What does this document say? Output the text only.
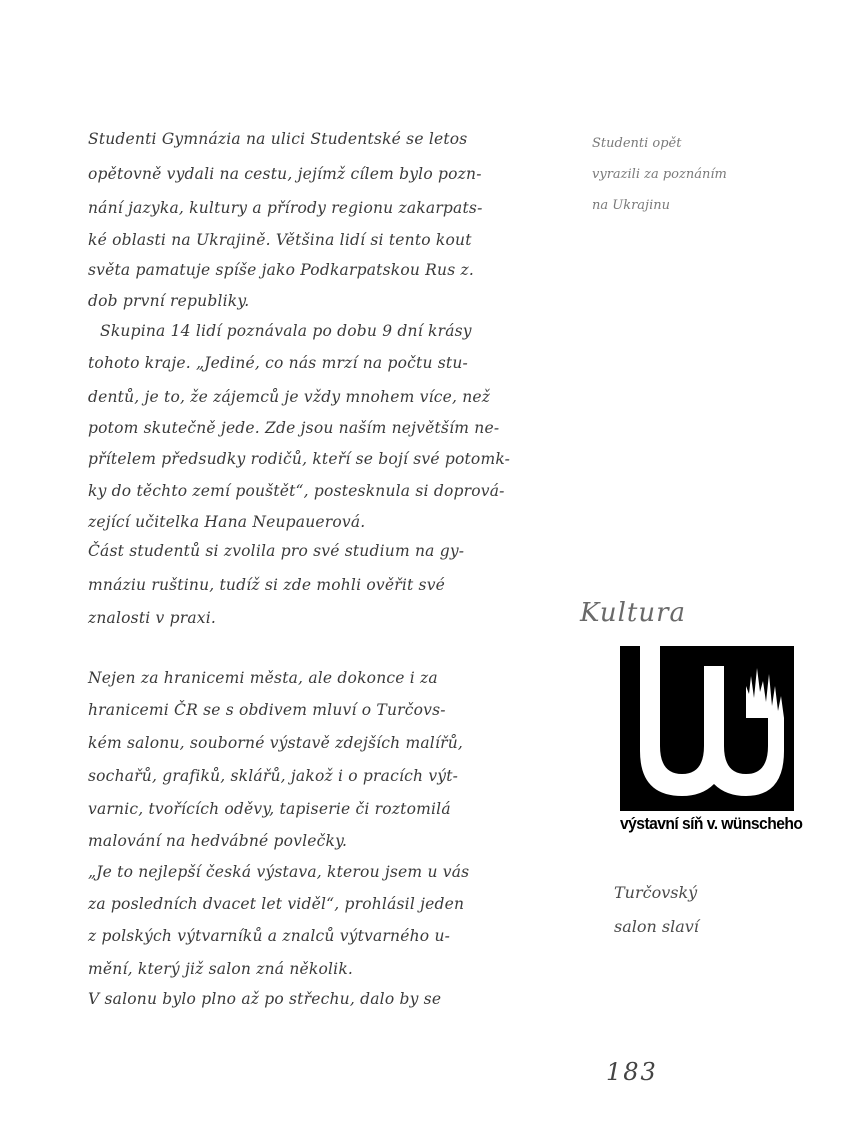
Studenti Gymnázia na ulici Studentské se letos
opětovně vydali na cestu, jejímž cílem bylo pozn-
nání jazyka, kultury a přírody regionu zakarpats-
ké oblasti na Ukrajině. Většina lidí si tento kout
světa pamatuje spíše jako Podkarpatskou Rus z.
dob první republiky.
Skupina 14 lidí poznávala po dobu 9 dní krásy
tohoto kraje. „Jediné, co nás mrzí na počtu stu-
dentů, je to, že zájemců je vždy mnohem více, než
potom skutečně jede. Zde jsou naším největším ne-
přítelem předsudky rodičů, kteří se bojí své potomk-
ky do těchto zemí pouštět“, postesknula si doprová-
zející učitelka Hana Neupauerová.
Část studentů si zvolila pro své studium na gy-
mnáziu ruštinu, tudíž si zde mohli ověřit své
znalosti v praxi.
Nejen za hranicemi města, ale dokonce i za
hranicemi ČR se s obdivem mluví o Turčovs-
kém salonu, souborné výstavě zdejších malířů,
sochařů, grafiků, sklářů, jakož i o pracích výt-
varnic, tvořících oděvy, tapiserie či roztomilá
malování na hedvábné povlečky.
„Je to nejlepší česká výstava, kterou jsem u vás
za posledních dvacet let viděl“, prohlásil jeden
z polských výtvarníků a znalců výtvarného u-
mění, který již salon zná několik.
V salonu bylo plno až po střechu, dalo by se
Studenti opět
vyrazili za poznáním
na Ukrajinu
Kultura
výstavní síň v. wünscheho
Turčovský
salon slaví
183
